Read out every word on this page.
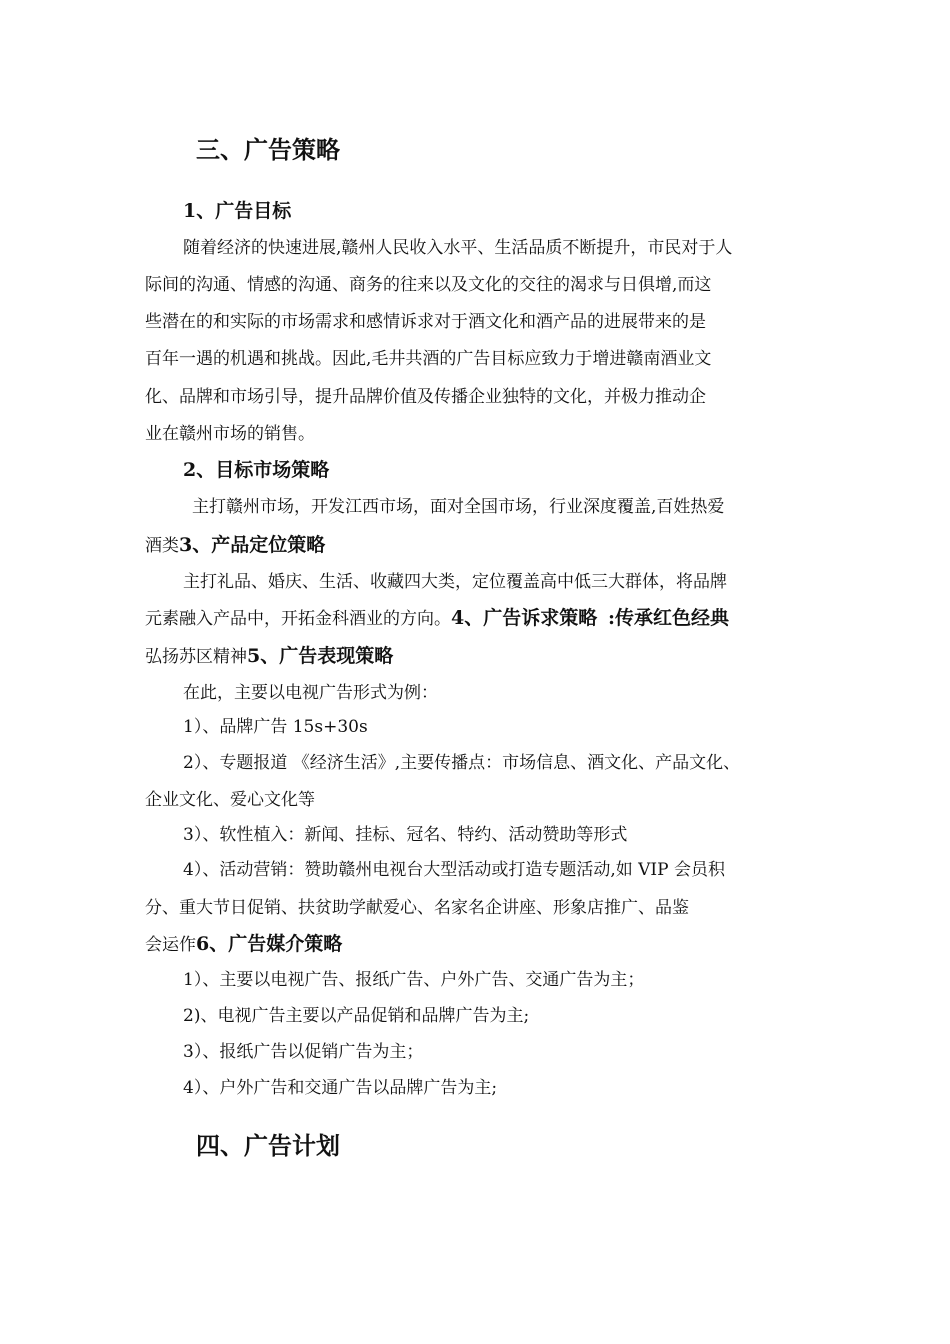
三、广告策略
1、广告目标
随着经济的快速进展,赣州人民收入水平、生活品质不断提升，市民对于人
际间的沟通、情感的沟通、商务的往来以及文化的交往的渴求与日俱增,而这
些潜在的和实际的市场需求和感情诉求对于酒文化和酒产品的进展带来的是
百年一遇的机遇和挑战。因此,毛井共酒的广告目标应致力于增进赣南酒业文
化、品牌和市场引导，提升品牌价值及传播企业独特的文化，并极力推动企
业在赣州市场的销售。
2、目标市场策略
主打赣州市场，开发江西市场，面对全国市场，行业深度覆盖,百姓热爱
酒类3、产品定位策略
主打礼品、婚庆、生活、收藏四大类，定位覆盖高中低三大群体，将品牌
元素融入产品中，开拓金科酒业的方向。4、广告诉求策略 :传承红色经典
弘扬苏区精神5、广告表现策略
在此，主要以电视广告形式为例：
1）、品牌广告 15s+30s
2）、专题报道 《经济生活》,主要传播点：市场信息、酒文化、产品文化、
企业文化、爱心文化等
3）、软性植入：新闻、挂标、冠名、特约、活动赞助等形式
4）、活动营销：赞助赣州电视台大型活动或打造专题活动,如 VIP 会员积
分、重大节日促销、扶贫助学献爱心、名家名企讲座、形象店推广、品鉴
会运作6、广告媒介策略
1）、主要以电视广告、报纸广告、户外广告、交通广告为主；
2)、电视广告主要以产品促销和品牌广告为主;
3）、报纸广告以促销广告为主；
4）、户外广告和交通广告以品牌广告为主;
四、广告计划
